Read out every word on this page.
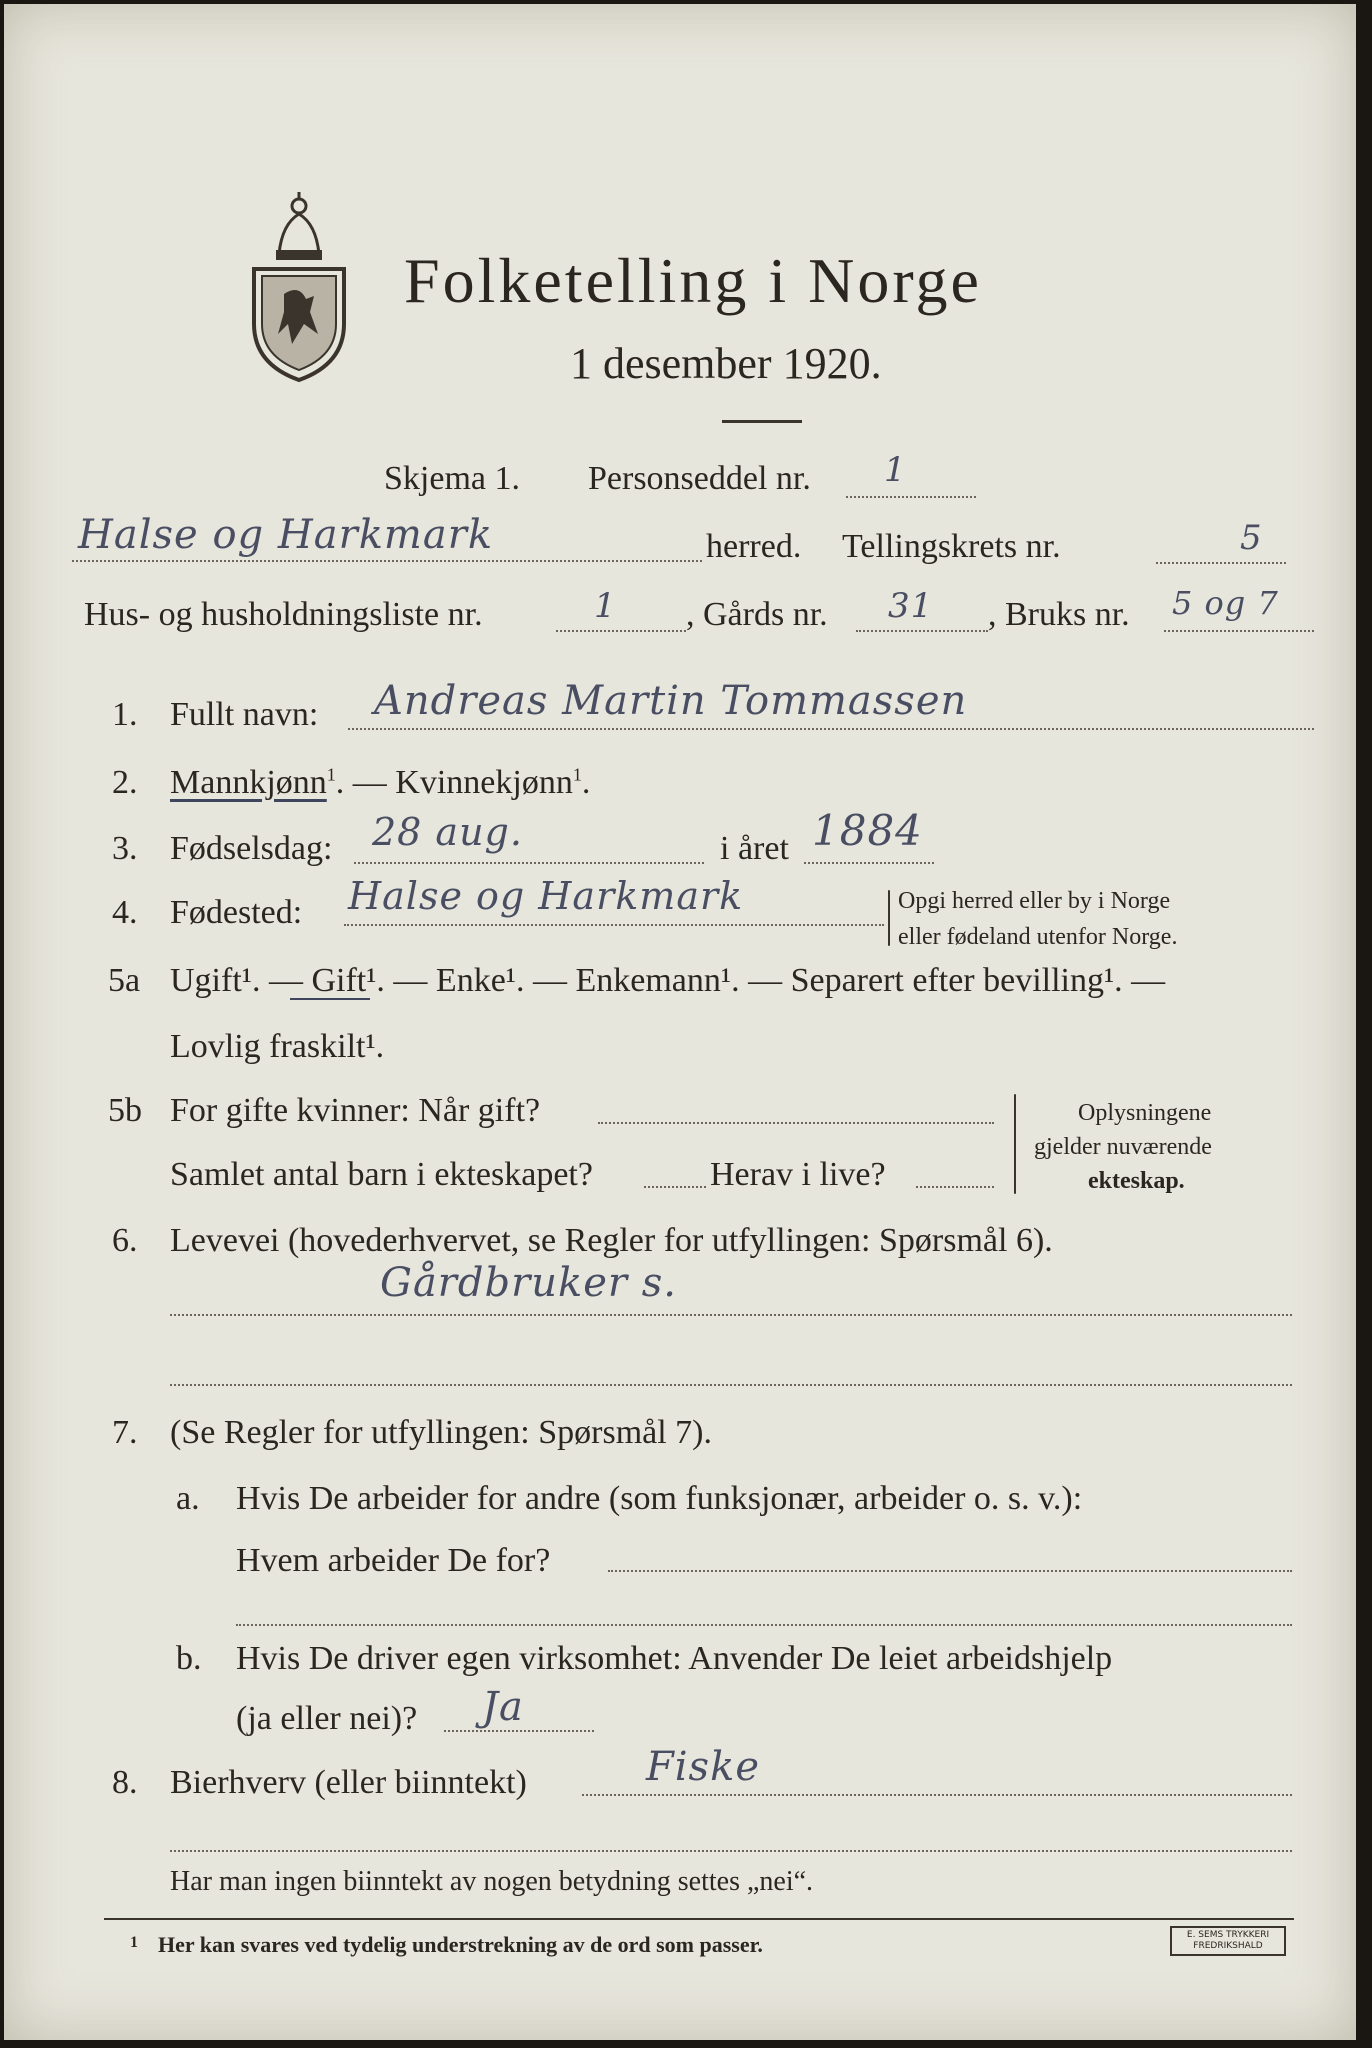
Folketelling i Norge
1 desember 1920.
Skjema 1. Personseddel nr. 1
Halse og Harkmark	herred. Tellingskrets nr.	5
Hus- og husholdningsliste nr.	1 , Gårds nr. 31 , Bruks nr. 5 og 7
1. Fullt navn: Andreas Martin Tommassen
2. Mannkjønn$^1$. — Kvinnekjønn$^1$.
3. Fødselsdag: 28 aug.	i året 1884
4. Fødested: Halse og Harkmark	Opgi herred eller by i Norge
eller fødeland utenfor Norge.
5a Ugift¹. — Gift¹. — Enke¹. — Enkemann¹. — Separert efter bevilling¹. —
Lovlig fraskilt¹.
5b For gifte kvinner: Når gift?
Samlet antal barn i ekteskapet?	Herav i live?
Oplysningene
gjelder nuværende
ekteskap.
6. Levevei (hovederhvervet, se Regler for utfyllingen: Spørsmål 6).
Gårdbruker s.
7. (Se Regler for utfyllingen: Spørsmål 7).
a. Hvis De arbeider for andre (som funksjonær, arbeider o. s. v.):
Hvem arbeider De for?
b. Hvis De driver egen virksomhet: Anvender De leiet arbeidshjelp
(ja eller nei)? Ja
8. Bierhverv (eller biinntekt)	Fiske
Har man ingen biinntekt av nogen betydning settes „nei“.
1 Her kan svares ved tydelig understrekning av de ord som passer.	E. SEMS TRYKKERI
FREDRIKSHALD
